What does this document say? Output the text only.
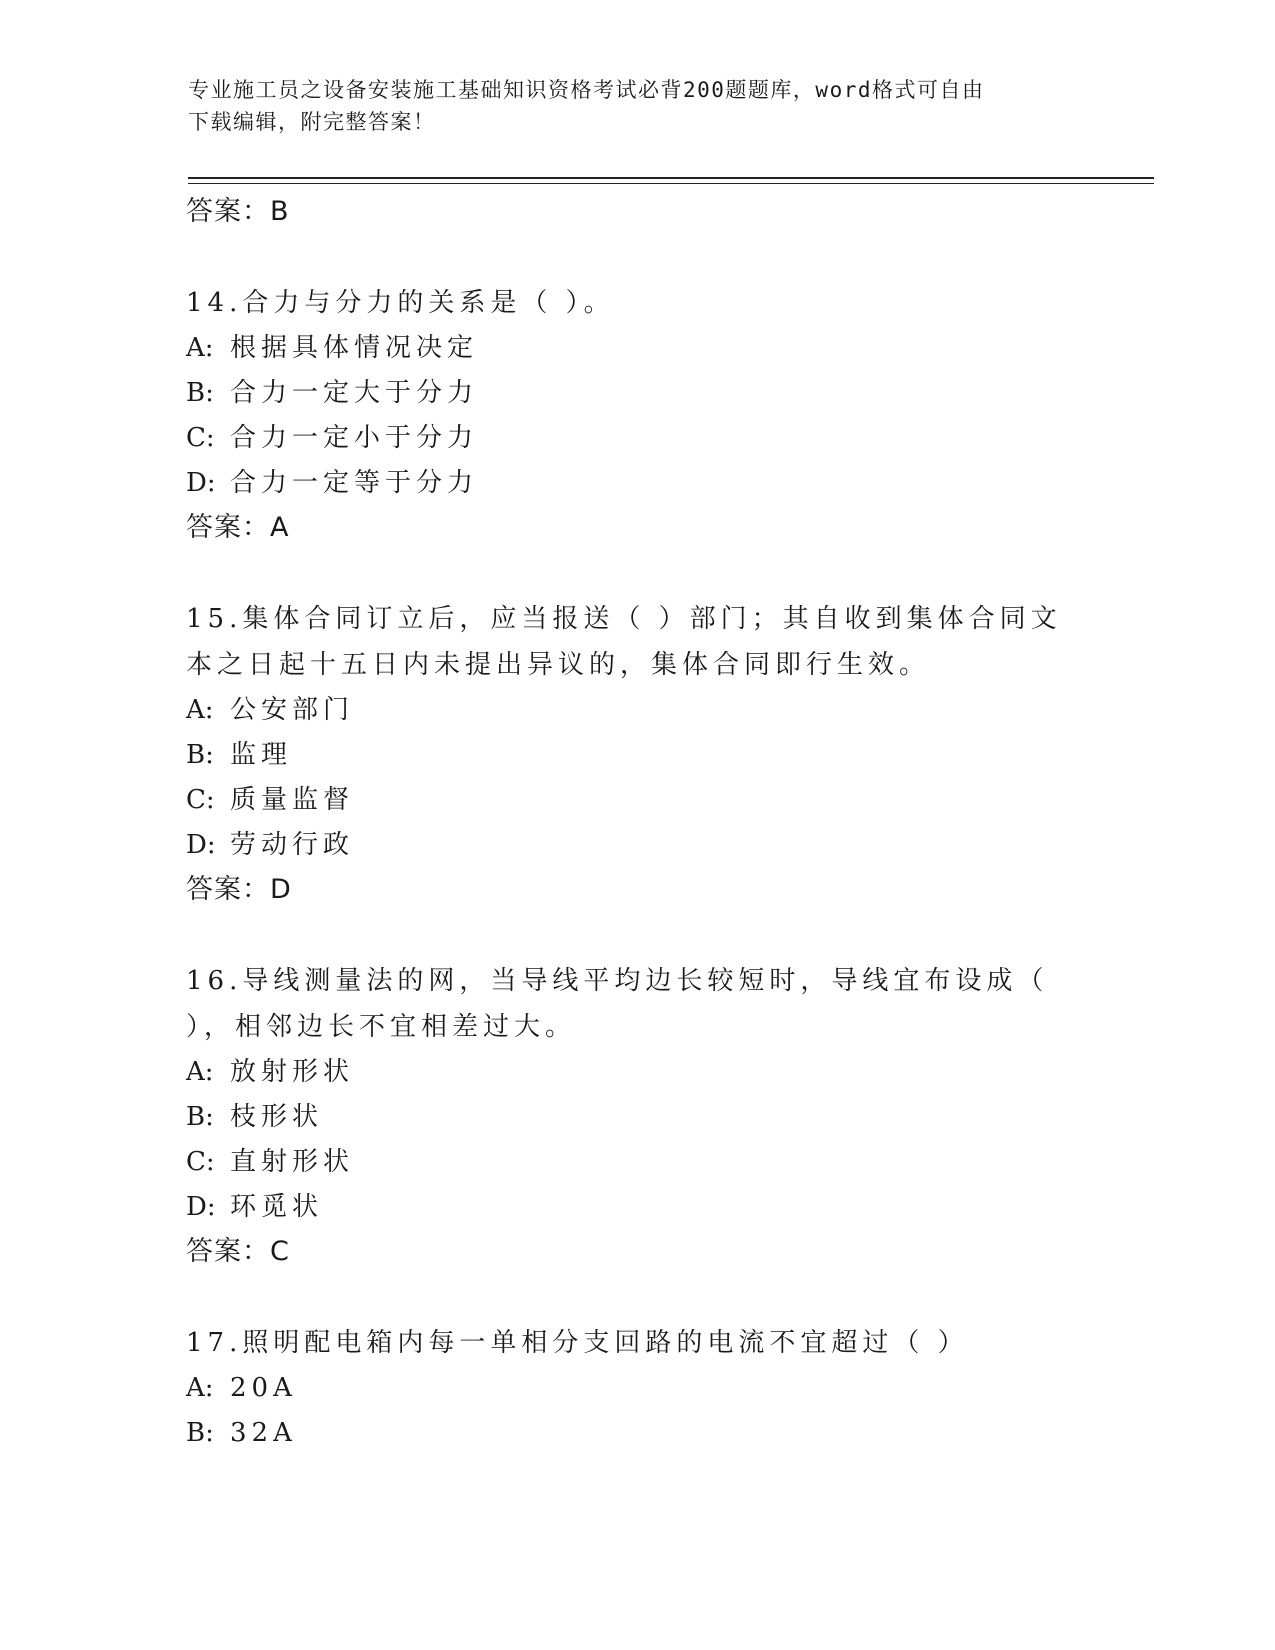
专业施工员之设备安装施工基础知识资格考试必背200题题库，word格式可自由
下载编辑，附完整答案！

答案：B

14.合力与分力的关系是（ ）。

A: 根据具体情况决定
B: 合力一定大于分力
C: 合力一定小于分力
D: 合力一定等于分力

答案：A

15.集体合同订立后，应当报送（ ）部门；其自收到集体合同文本之日起十五日内未提出异议的，集体合同即行生效。

A: 公安部门
B: 监理
C: 质量监督
D: 劳动行政

答案：D

16.导线测量法的网，当导线平均边长较短时，导线宜布设成（ ），相邻边长不宜相差过大。

A: 放射形状
B: 枝形状
C: 直射形状
D: 环觅状

答案：C

17.照明配电箱内每一单相分支回路的电流不宜超过（ ）

A: 20A
B: 32A
